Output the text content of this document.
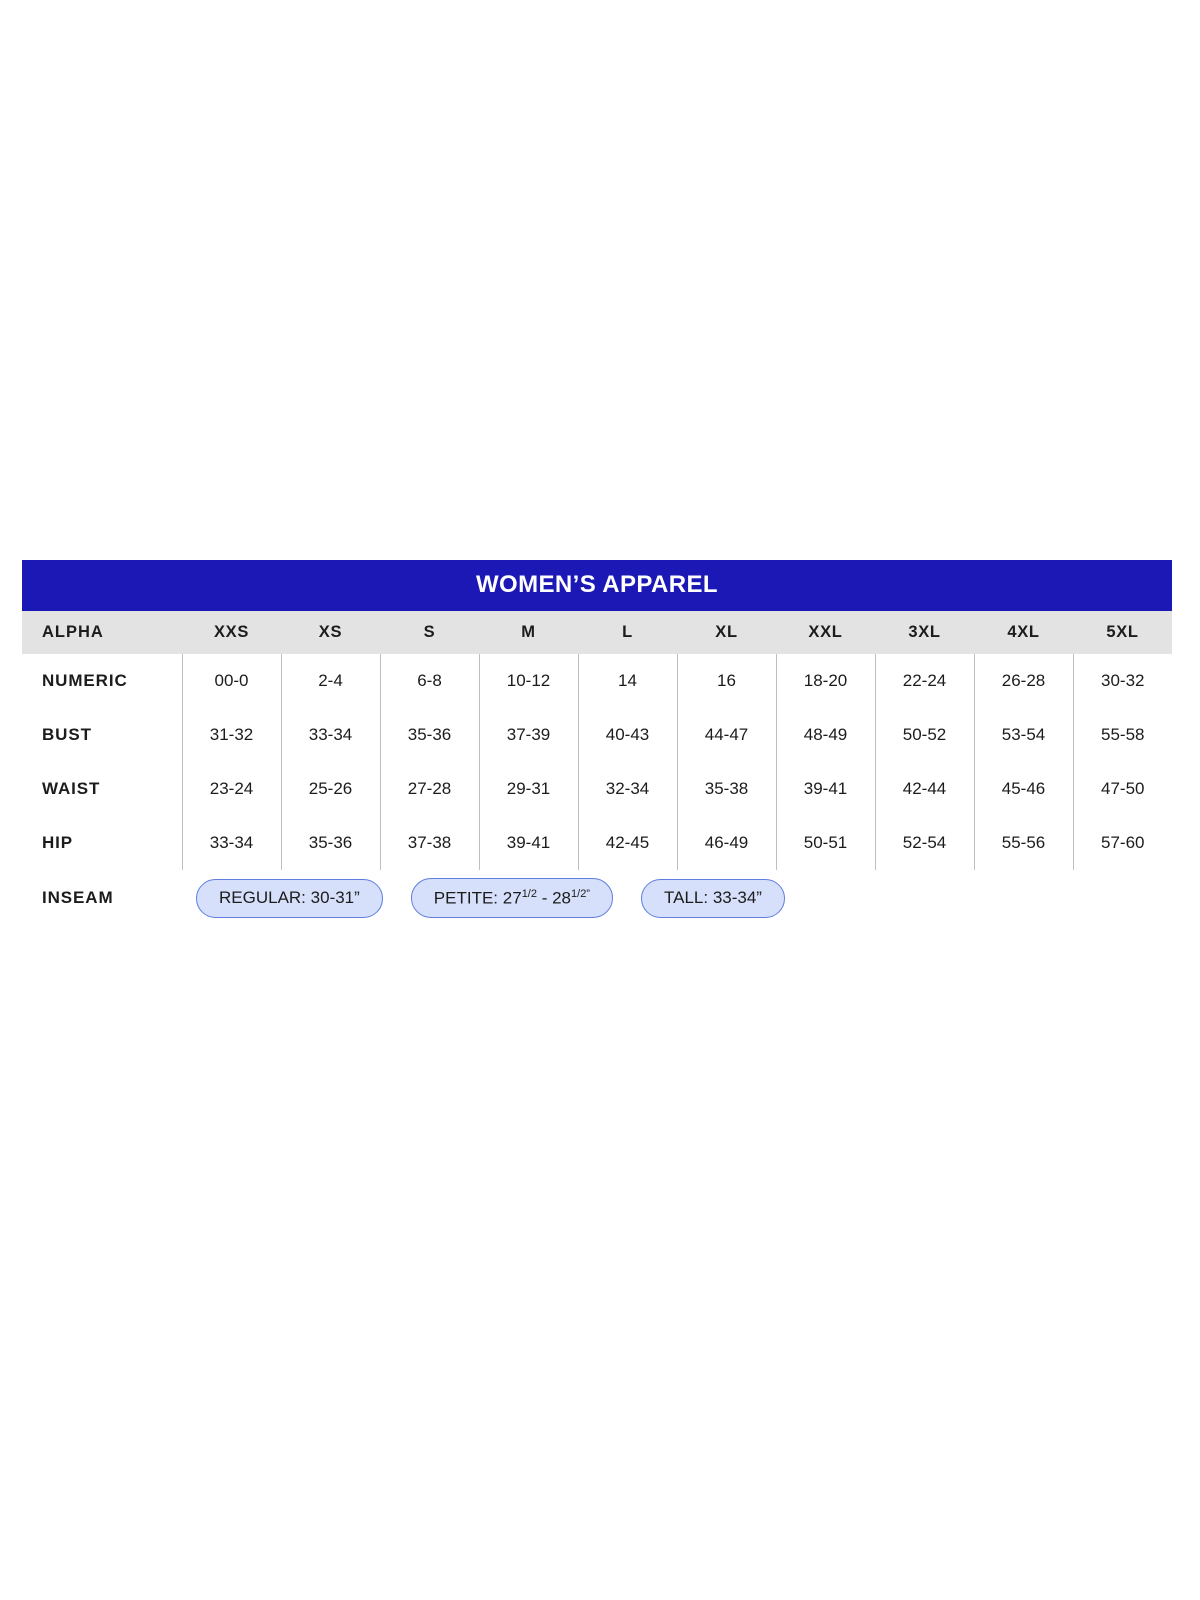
WOMEN’S APPAREL
ALPHA	XXS	XS	S	M	L	XL	XXL	3XL	4XL	5XL
NUMERIC	00-0	2-4	6-8	10-12	14	16	18-20	22-24	26-28	30-32
BUST	31-32	33-34	35-36	37-39	40-43	44-47	48-49	50-52	53-54	55-58
WAIST	23-24	25-26	27-28	29-31	32-34	35-38	39-41	42-44	45-46	47-50
HIP	33-34	35-36	37-38	39-41	42-45	46-49	50-51	52-54	55-56	57-60
INSEAM	REGULAR: 30-31” PETITE: $27^{1/2} - 28^{1/2”}$ TALL: 33-34”									
